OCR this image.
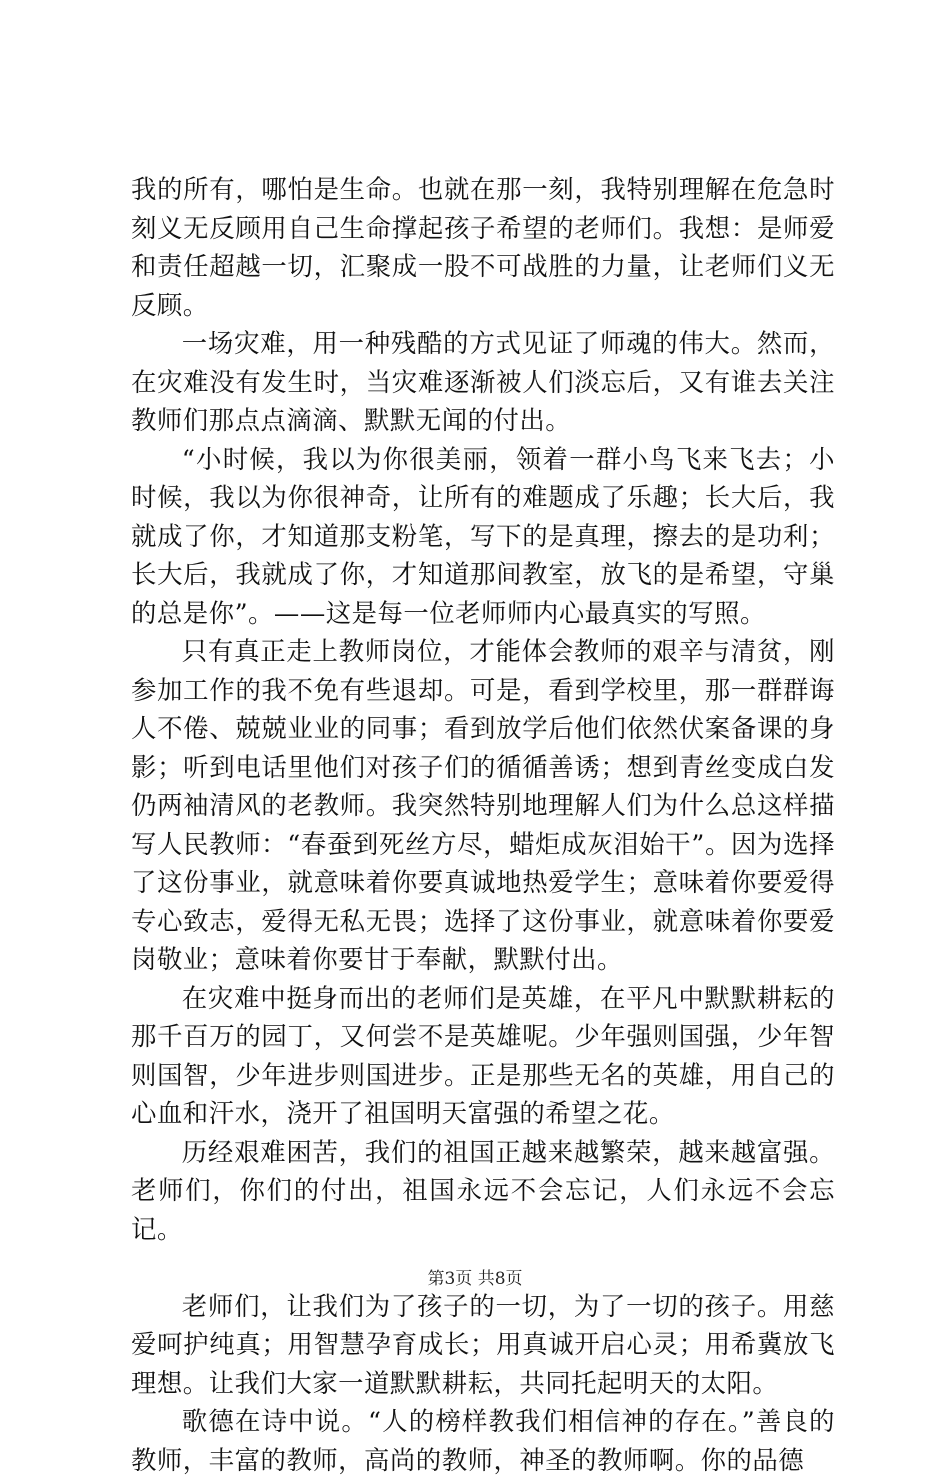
我的所有，哪怕是生命。也就在那一刻，我特别理解在危急时刻义无反顾用自己生命撑起孩子希望的老师们。我想：是师爱和责任超越一切，汇聚成一股不可战胜的力量，让老师们义无反顾。

一场灾难，用一种残酷的方式见证了师魂的伟大。然而，在灾难没有发生时，当灾难逐渐被人们淡忘后，又有谁去关注教师们那点点滴滴、默默无闻的付出。

“小时候，我以为你很美丽，领着一群小鸟飞来飞去；小时候，我以为你很神奇，让所有的难题成了乐趣；长大后，我就成了你，才知道那支粉笔，写下的是真理，擦去的是功利；长大后，我就成了你，才知道那间教室，放飞的是希望，守巢的总是你”。——这是每一位老师师内心最真实的写照。

只有真正走上教师岗位，才能体会教师的艰辛与清贫，刚参加工作的我不免有些退却。可是，看到学校里，那一群群诲人不倦、兢兢业业的同事；看到放学后他们依然伏案备课的身影；听到电话里他们对孩子们的循循善诱；想到青丝变成白发仍两袖清风的老教师。我突然特别地理解人们为什么总这样描写人民教师：“春蚕到死丝方尽，蜡炬成灰泪始干”。因为选择了这份事业，就意味着你要真诚地热爱学生；意味着你要爱得专心致志，爱得无私无畏；选择了这份事业，就意味着你要爱岗敬业；意味着你要甘于奉献，默默付出。

在灾难中挺身而出的老师们是英雄，在平凡中默默耕耘的那千百万的园丁，又何尝不是英雄呢。少年强则国强，少年智则国智，少年进步则国进步。正是那些无名的英雄，用自己的心血和汗水，浇开了祖国明天富强的希望之花。

历经艰难困苦，我们的祖国正越来越繁荣，越来越富强。老师们，你们的付出，祖国永远不会忘记，人们永远不会忘记。

老师们，让我们为了孩子的一切，为了一切的孩子。用慈爱呵护纯真；用智慧孕育成长；用真诚开启心灵；用希冀放飞理想。让我们大家一道默默耕耘，共同托起明天的太阳。

歌德在诗中说。“人的榜样教我们相信神的存在。”善良的教师，丰富的教师，高尚的教师，神圣的教师啊。你的品德

第3页 共8页
